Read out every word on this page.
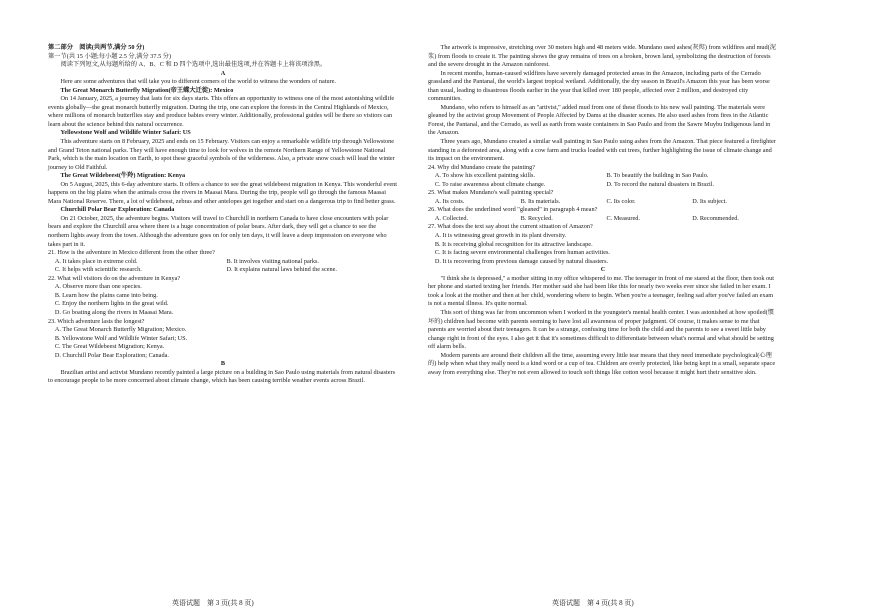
第二部分　阅读(共两节,满分 50 分)

第一节(共 15 小题;每小题 2.5 分,满分 37.5 分)

阅读下列短文,从每题所给的 A、B、C 和 D 四个选项中,选出最佳选项,并在答题卡上将该项涂黑。

A

Here are some adventures that will take you to different corners of the world to witness the wonders of nature.

The Great Monarch Butterfly Migration(帝王蝶大迁徙): Mexico

On 14 January, 2025, a journey that lasts for six days starts. This offers an opportunity to witness one of the most astonishing wildlife events globally—the great monarch butterfly migration. During the trip, one can explore the forests in the Central Highlands of Mexico, where millions of monarch butterflies stay and produce babies every winter. Additionally, professional guides will be there so visitors can learn about the science behind this natural occurrence.

Yellowstone Wolf and Wildlife Winter Safari: US

This adventure starts on 8 February, 2025 and ends on 15 February. Visitors can enjoy a remarkable wildlife trip through Yellowstone and Grand Teton national parks. They will have enough time to look for wolves in the remote Northern Range of Yellowstone National Park, which is the main location on Earth, to spot these graceful symbols of the wilderness. Also, a private snow coach will lead the winter journey to Old Faithful.

The Great Wildebeest(牛羚) Migration: Kenya

On 5 August, 2025, this 6-day adventure starts. It offers a chance to see the great wildebeest migration in Kenya. This wonderful event happens on the big plains when the animals cross the rivers in Maasai Mara. During the trip, people will go through the famous Maasai Mara National Reserve. There, a lot of wildebeest, zebras and other antelopes get together and start on a dangerous trip to find better grass.

Churchill Polar Bear Exploration: Canada

On 21 October, 2025, the adventure begins. Visitors will travel to Churchill in northern Canada to have close encounters with polar bears and explore the Churchill area where there is a huge concentration of polar bears. After dark, they will get a chance to see the northern lights away from the town. Although the adventure goes on for only ten days, it will leave a deep impression on everyone who takes part in it.

21. How is the adventure in Mexico different from the other three?

A. It takes place in extreme cold.	B. It involves visiting national parks.
C. It helps with scientific research.	D. It explains natural laws behind the scene.

22. What will visitors do on the adventure in Kenya?

A. Observe more than one species.

B. Learn how the plains came into being.

C. Enjoy the northern lights in the great wild.

D. Go boating along the rivers in Maasai Mara.

23. Which adventure lasts the longest?

A. The Great Monarch Butterfly Migration; Mexico.

B. Yellowstone Wolf and Wildlife Winter Safari; US.

C. The Great Wildebeest Migration; Kenya.

D. Churchill Polar Bear Exploration; Canada.

B

Brazilian artist and activist Mundano recently painted a large picture on a building in Sao Paulo using materials from natural disasters to encourage people to be more concerned about climate change, which has been causing terrible weather events across Brazil.

The artwork is impressive, stretching over 30 meters high and 48 meters wide. Mundano used ashes(灰烬) from wildfires and mud(泥浆) from floods to create it. The painting shows the gray remains of trees on a broken, brown land, symbolizing the destruction of forests and the severe drought in the Amazon rainforest.

In recent months, human-caused wildfires have severely damaged protected areas in the Amazon, including parts of the Cerrado grassland and the Pantanal, the world's largest tropical wetland. Additionally, the dry season in Brazil's Amazon this year has been worse than usual, leading to disastrous floods earlier in the year that killed over 180 people, affected over 2 million, and destroyed city communities.

Mundano, who refers to himself as an "artivist," added mud from one of these floods to his new wall painting. The materials were gleaned by the activist group Movement of People Affected by Dams at the disaster scenes. He also used ashes from fires in the Atlantic Forest, the Pantanal, and the Cerrado, as well as earth from waste containers in Sao Paulo and from the Sawre Muybu Indigenous land in the Amazon.

Three years ago, Mundano created a similar wall painting in Sao Paulo using ashes from the Amazon. That piece featured a firefighter standing in a deforested area, along with a cow farm and trucks loaded with cut trees, further highlighting the issue of climate change and its impact on the environment.

24. Why did Mundano create the painting?

A. To show his excellent painting skills.	B. To beautify the building in Sao Paulo.
C. To raise awareness about climate change.	D. To record the natural disasters in Brazil.

25. What makes Mundano's wall painting special?

A. Its costs.	B. Its materials.	C. Its color.	D. Its subject.

26. What does the underlined word "gleaned" in paragraph 4 mean?

A. Collected.	B. Recycled.	C. Measured.	D. Recommended.

27. What does the text say about the current situation of Amazon?

A. It is witnessing great growth in its plant diversity.

B. It is receiving global recognition for its attractive landscape.

C. It is facing severe environmental challenges from human activities.

D. It is recovering from previous damage caused by natural disasters.

C

"I think she is depressed," a mother sitting in my office whispered to me. The teenager in front of me stared at the floor, then took out her phone and started texting her friends. Her mother said she had been like this for nearly two weeks ever since she failed in her exam. I took a look at the mother and then at her child, wondering where to begin. When you're a teenager, feeling sad after you've failed an exam is not a mental illness. It's quite normal.

This sort of thing was far from uncommon when I worked in the youngster's mental health center. I was astonished at how spoiled(惯坏的) children had become with parents seeming to have lost all awareness of proper judgment. Of course, it makes sense to me that parents are worried about their teenagers. It can be a strange, confusing time for both the child and the parents to see a sweet little baby change right in front of the eyes. I also get it that it's sometimes difficult to differentiate between what's normal and what should be setting off alarm bells.

Modern parents are around their children all the time, assuming every little tear means that they need immediate psychological(心理的) help when what they really need is a kind word or a cup of tea. Children are overly protected, like being kept in a small, separate space away from everything else. They're not even allowed to touch soft things like cotton wool because it might hurt their sensitive skin.

英语试题　第 3 页(共 8 页)	英语试题　第 4 页(共 8 页)
